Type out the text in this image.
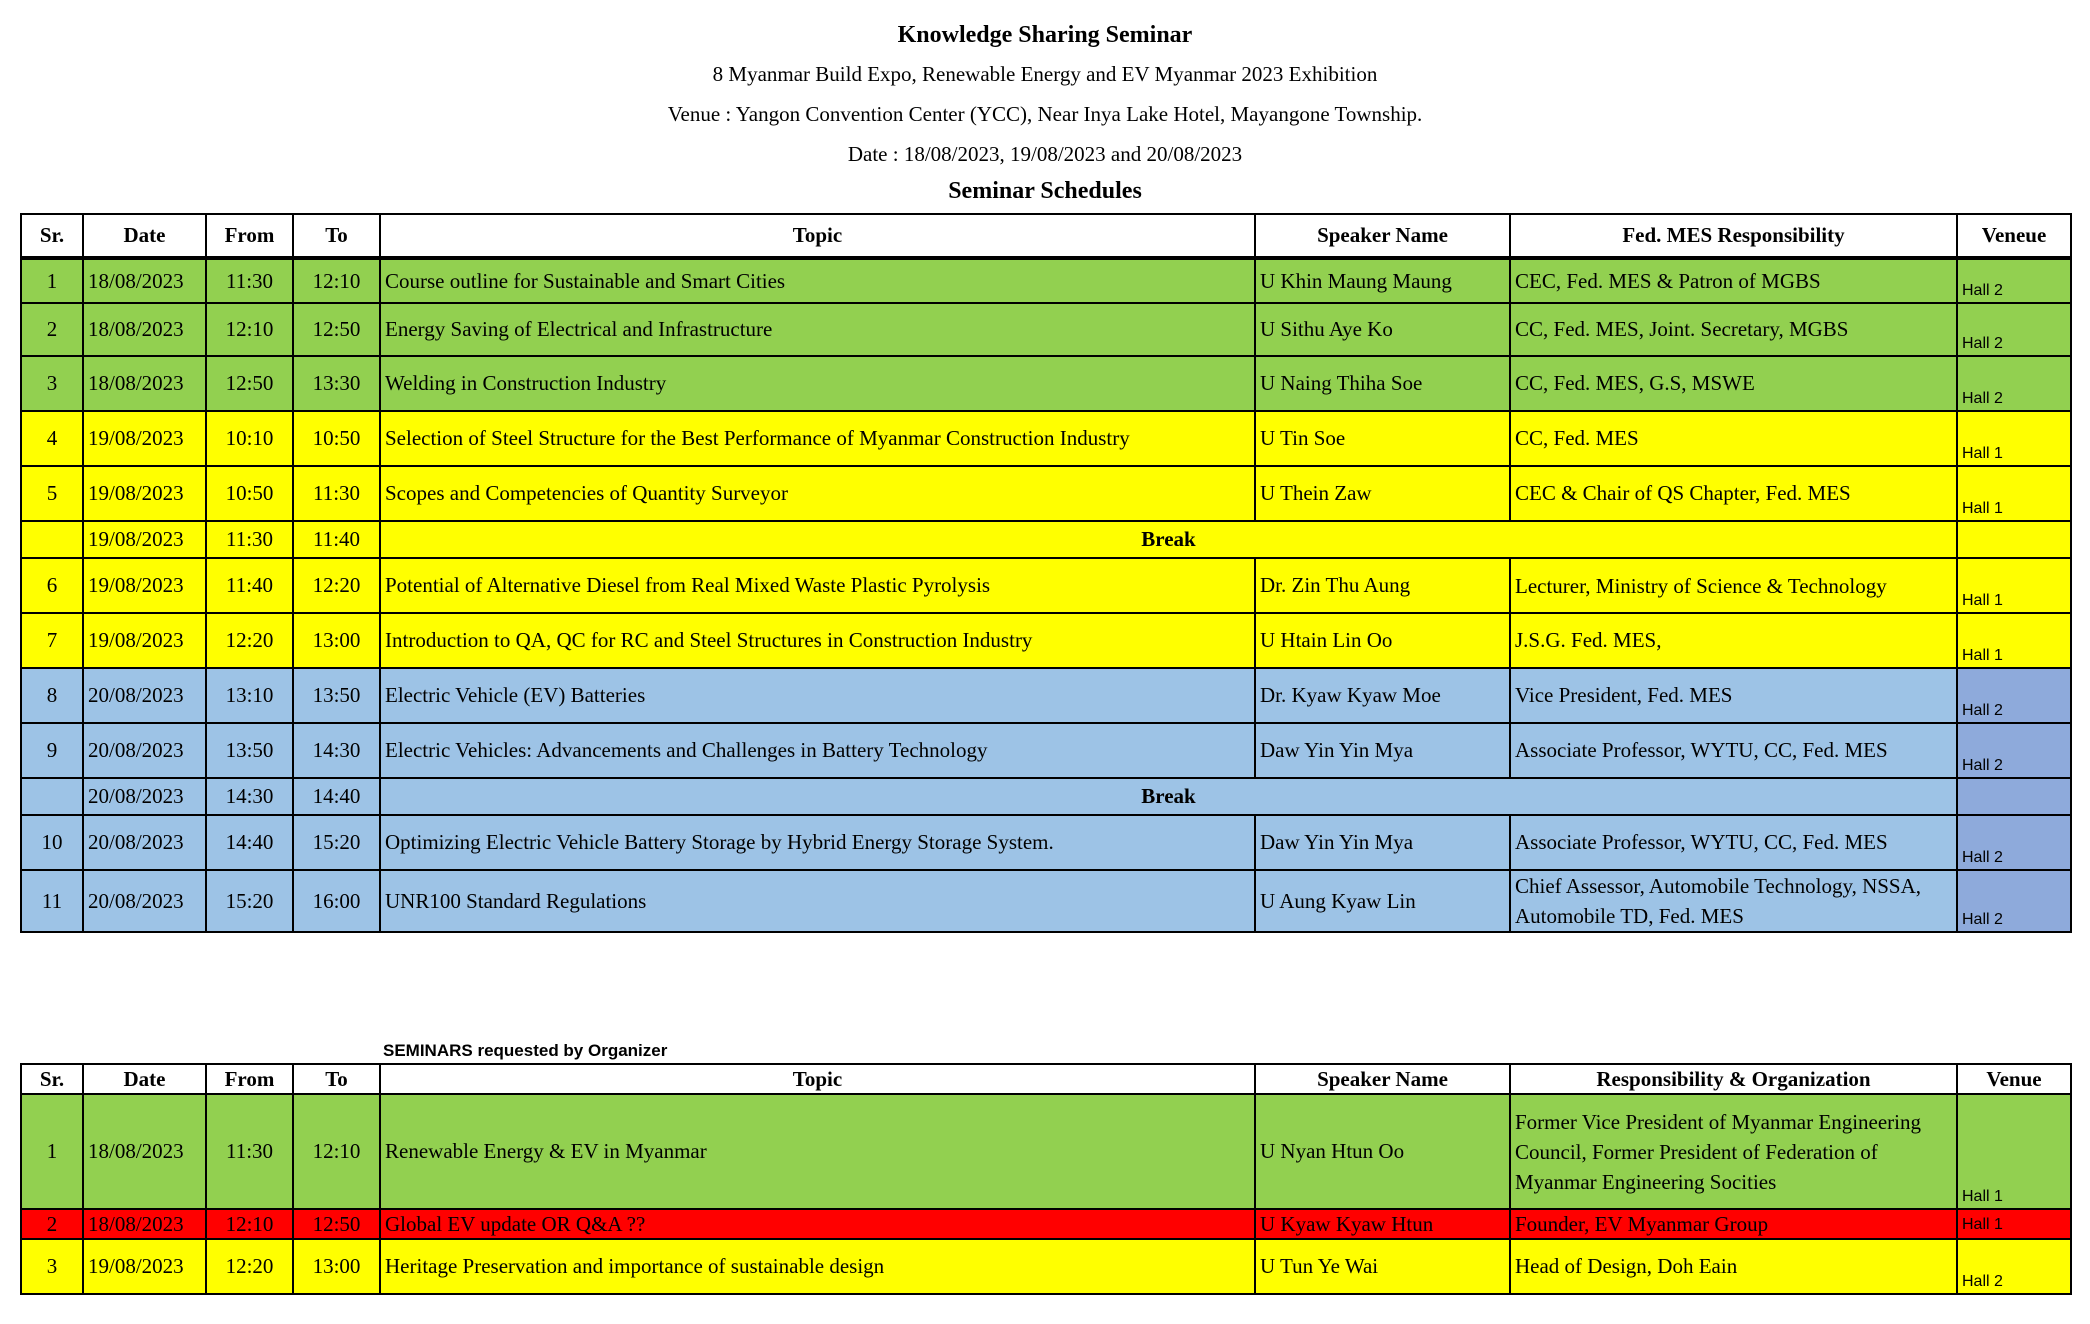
Knowledge Sharing Seminar
8 Myanmar Build Expo, Renewable Energy and EV Myanmar 2023 Exhibition
Venue : Yangon Convention Center (YCC), Near Inya Lake Hotel, Mayangone Township.
Date : 18/08/2023, 19/08/2023 and 20/08/2023
Seminar Schedules
Sr.	Date	From	To	Topic	Speaker Name	Fed. MES Responsibility	Veneue
1	18/08/2023	11:30	12:10	Course outline for Sustainable and Smart Cities	U Khin Maung Maung	CEC, Fed. MES & Patron of MGBS	Hall 2
2	18/08/2023	12:10	12:50	Energy Saving of Electrical and Infrastructure	U Sithu Aye Ko	CC, Fed. MES, Joint. Secretary, MGBS	Hall 2
3	18/08/2023	12:50	13:30	Welding in Construction Industry	U Naing Thiha Soe	CC, Fed. MES, G.S, MSWE	Hall 2
4	19/08/2023	10:10	10:50	Selection of Steel Structure for the Best Performance of Myanmar Construction Industry	U Tin Soe	CC, Fed. MES	Hall 1
5	19/08/2023	10:50	11:30	Scopes and Competencies of Quantity Surveyor	U Thein Zaw	CEC & Chair of QS Chapter, Fed. MES	Hall 1
	19/08/2023	11:30	11:40	Break			
6	19/08/2023	11:40	12:20	Potential of Alternative Diesel from Real Mixed Waste Plastic Pyrolysis	Dr. Zin Thu Aung	Lecturer, Ministry of Science & Technology	Hall 1
7	19/08/2023	12:20	13:00	Introduction to QA, QC for RC and Steel Structures in Construction Industry	U Htain Lin Oo	J.S.G. Fed. MES,	Hall 1
8	20/08/2023	13:10	13:50	Electric Vehicle (EV) Batteries	Dr. Kyaw Kyaw Moe	Vice President, Fed. MES	Hall 2
9	20/08/2023	13:50	14:30	Electric Vehicles: Advancements and Challenges in Battery Technology	Daw Yin Yin Mya	Associate Professor, WYTU, CC, Fed. MES	Hall 2
	20/08/2023	14:30	14:40	Break			
10	20/08/2023	14:40	15:20	Optimizing Electric Vehicle Battery Storage by Hybrid Energy Storage System.	Daw Yin Yin Mya	Associate Professor, WYTU, CC, Fed. MES	Hall 2
11	20/08/2023	15:20	16:00	UNR100 Standard Regulations	U Aung Kyaw Lin	Chief Assessor, Automobile Technology, NSSA, Automobile TD, Fed. MES	Hall 2
SEMINARS requested by Organizer
Sr.	Date	From	To	Topic	Speaker Name	Responsibility & Organization	Venue
1	18/08/2023	11:30	12:10	Renewable Energy & EV in Myanmar	U Nyan Htun Oo	Former Vice President of Myanmar Engineering Council, Former President of Federation of Myanmar Engineering Socities	Hall 1
2	18/08/2023	12:10	12:50	Global EV update OR Q&A ??	U Kyaw Kyaw Htun	Founder, EV Myanmar Group	Hall 1
3	19/08/2023	12:20	13:00	Heritage Preservation and importance of sustainable design	U Tun Ye Wai	Head of Design, Doh Eain	Hall 2
